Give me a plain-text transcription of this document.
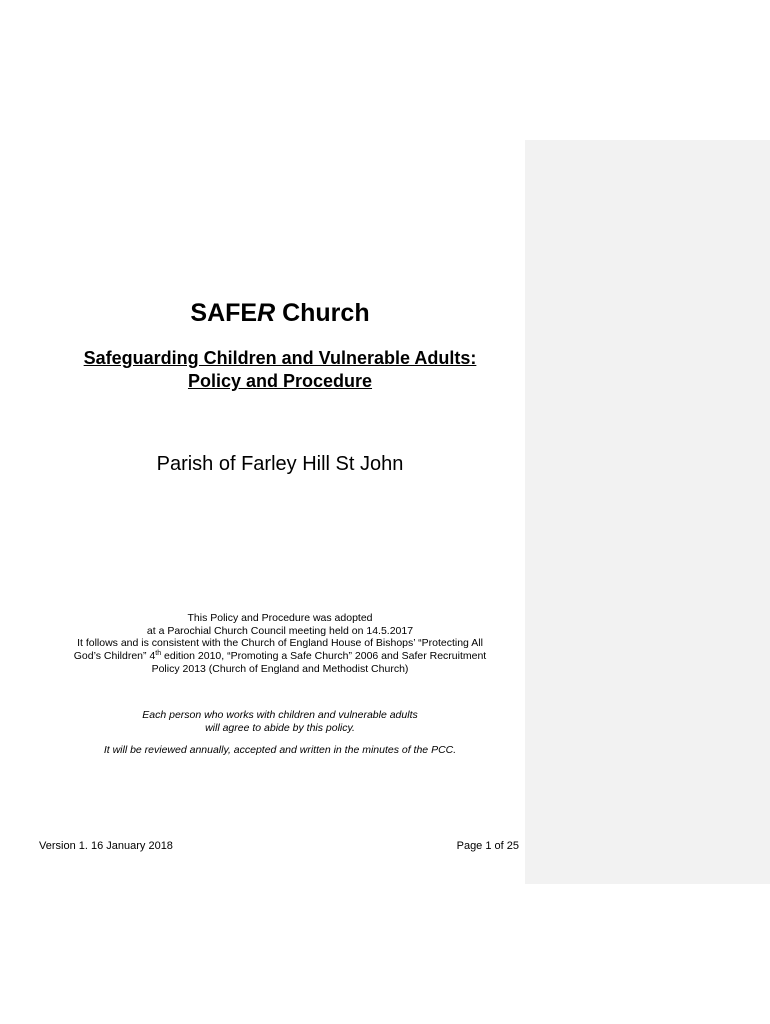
SAFER Church
Safeguarding Children and Vulnerable Adults:
Policy and Procedure

Parish of Farley Hill St John

This Policy and Procedure was adopted
at a Parochial Church Council meeting held on 14.5.2017
It follows and is consistent with the Church of England House of Bishops’ “Protecting All
God’s Children” 4th edition 2010, “Promoting a Safe Church” 2006 and Safer Recruitment
Policy 2013 (Church of England and Methodist Church)

Each person who works with children and vulnerable adults
will agree to abide by this policy.

It will be reviewed annually, accepted and written in the minutes of the PCC.

Version 1. 16 January 2018	Page 1 of 25
